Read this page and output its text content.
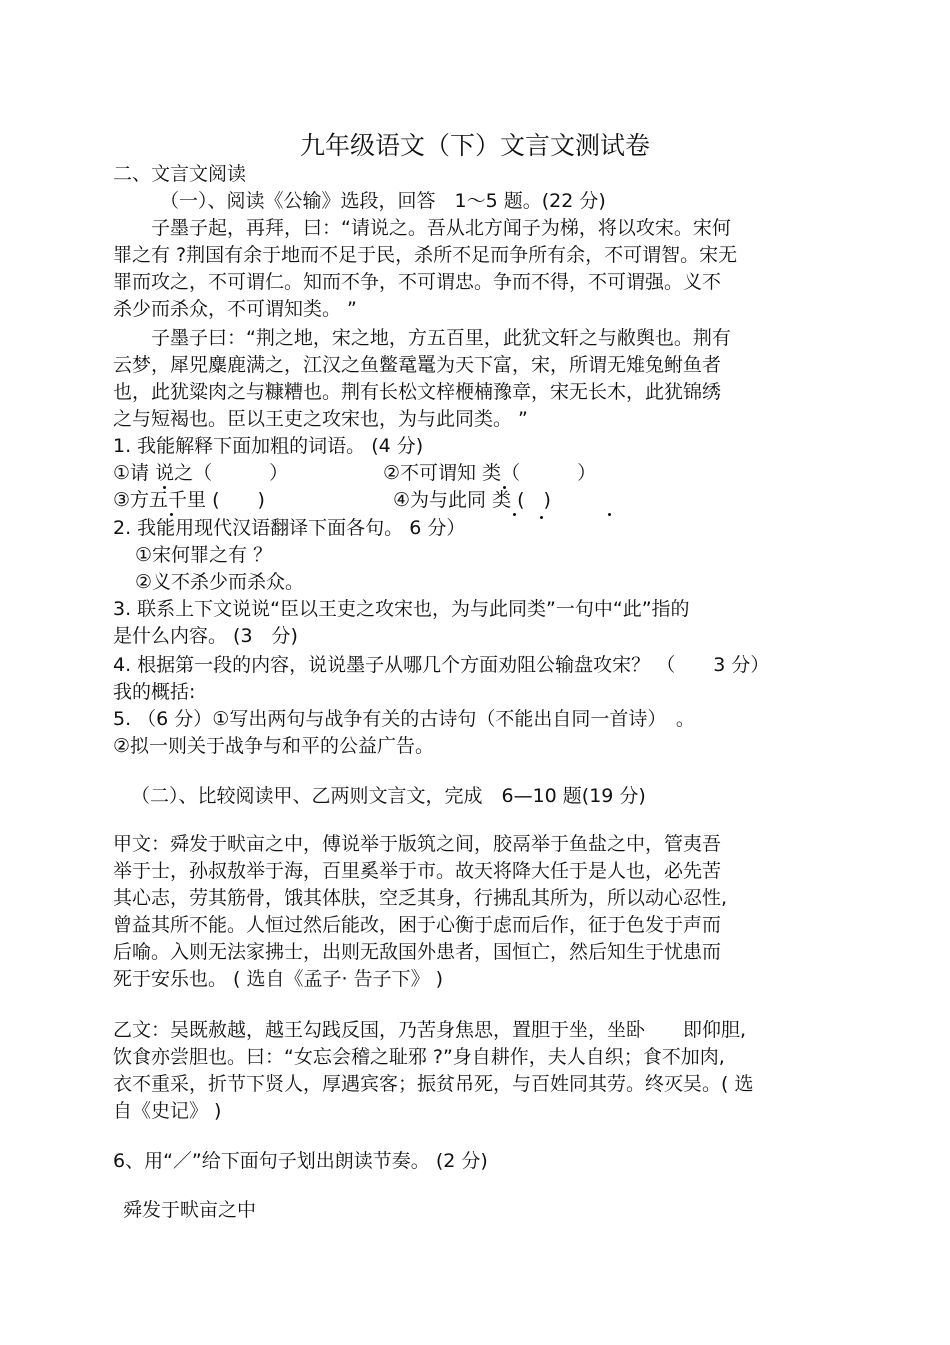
九年级语文（下）文言文测试卷
二、文言文阅读
（一）、阅读《公输》选段，回答　1～5 题。(22 分)
　　子墨子起，再拜，曰：“请说之。吾从北方闻子为梯，将以攻宋。宋何
罪之有 ?荆国有余于地而不足于民，杀所不足而争所有余，不可谓智。宋无
罪而攻之，不可谓仁。知而不争，不可谓忠。争而不得，不可谓强。义不
杀少而杀众，不可谓知类。 ”
　　子墨子曰：“荆之地，宋之地，方五百里，此犹文轩之与敝舆也。荆有
云梦，犀兕麋鹿满之，江汉之鱼鳖鼋鼍为天下富，宋，所谓无雉兔鲋鱼者
也，此犹粱肉之与糠糟也。荆有长松文梓楩楠豫章，宋无长木，此犹锦绣
之与短褐也。臣以王吏之攻宋也，为与此同类。 ”
1. 我能解释下面加粗的词语。 (4 分)
①请 说之（　　　）	②不可谓知 类（　　　）
③方五千里 (　　)	④为与此同 类 (　)
2. 我能用现代汉语翻译下面各句。 6 分）
①宋何罪之有 ？
②义不杀少而杀众。
3. 联系上下文说说“臣以王吏之攻宋也，为与此同类”一句中“此”指的
是什么内容。 (3　分)
4. 根据第一段的内容，说说墨子从哪几个方面劝阻公输盘攻宋？ （　　3 分）
我的概括:
5. （6 分）①写出两句与战争有关的古诗句（不能出自同一首诗）　。
②拟一则关于战争与和平的公益广告。
（二）、比较阅读甲、乙两则文言文，完成　6—10 题(19 分)
甲文：舜发于畎亩之中，傅说举于版筑之间，胶鬲举于鱼盐之中，管夷吾
举于士，孙叔敖举于海，百里奚举于市。故天将降大任于是人也，必先苦
其心志，劳其筋骨，饿其体肤，空乏其身，行拂乱其所为，所以动心忍性,
曾益其所不能。人恒过然后能改，困于心衡于虑而后作，征于色发于声而
后喻。入则无法家拂士，出则无敌国外患者，国恒亡，然后知生于忧患而
死于安乐也。 ( 选自《孟子· 告子下》 )
乙文：吴既赦越，越王勾践反国，乃苦身焦思，置胆于坐，坐卧　　即仰胆,
饮食亦尝胆也。曰：“女忘会稽之耻邪 ?”身自耕作，夫人自织；食不加肉,
衣不重采，折节下贤人，厚遇宾客；振贫吊死，与百姓同其劳。终灭吴。( 选
自《史记》 )
6、用“／”给下面句子划出朗读节奏。 (2 分)
舜发于畎亩之中
